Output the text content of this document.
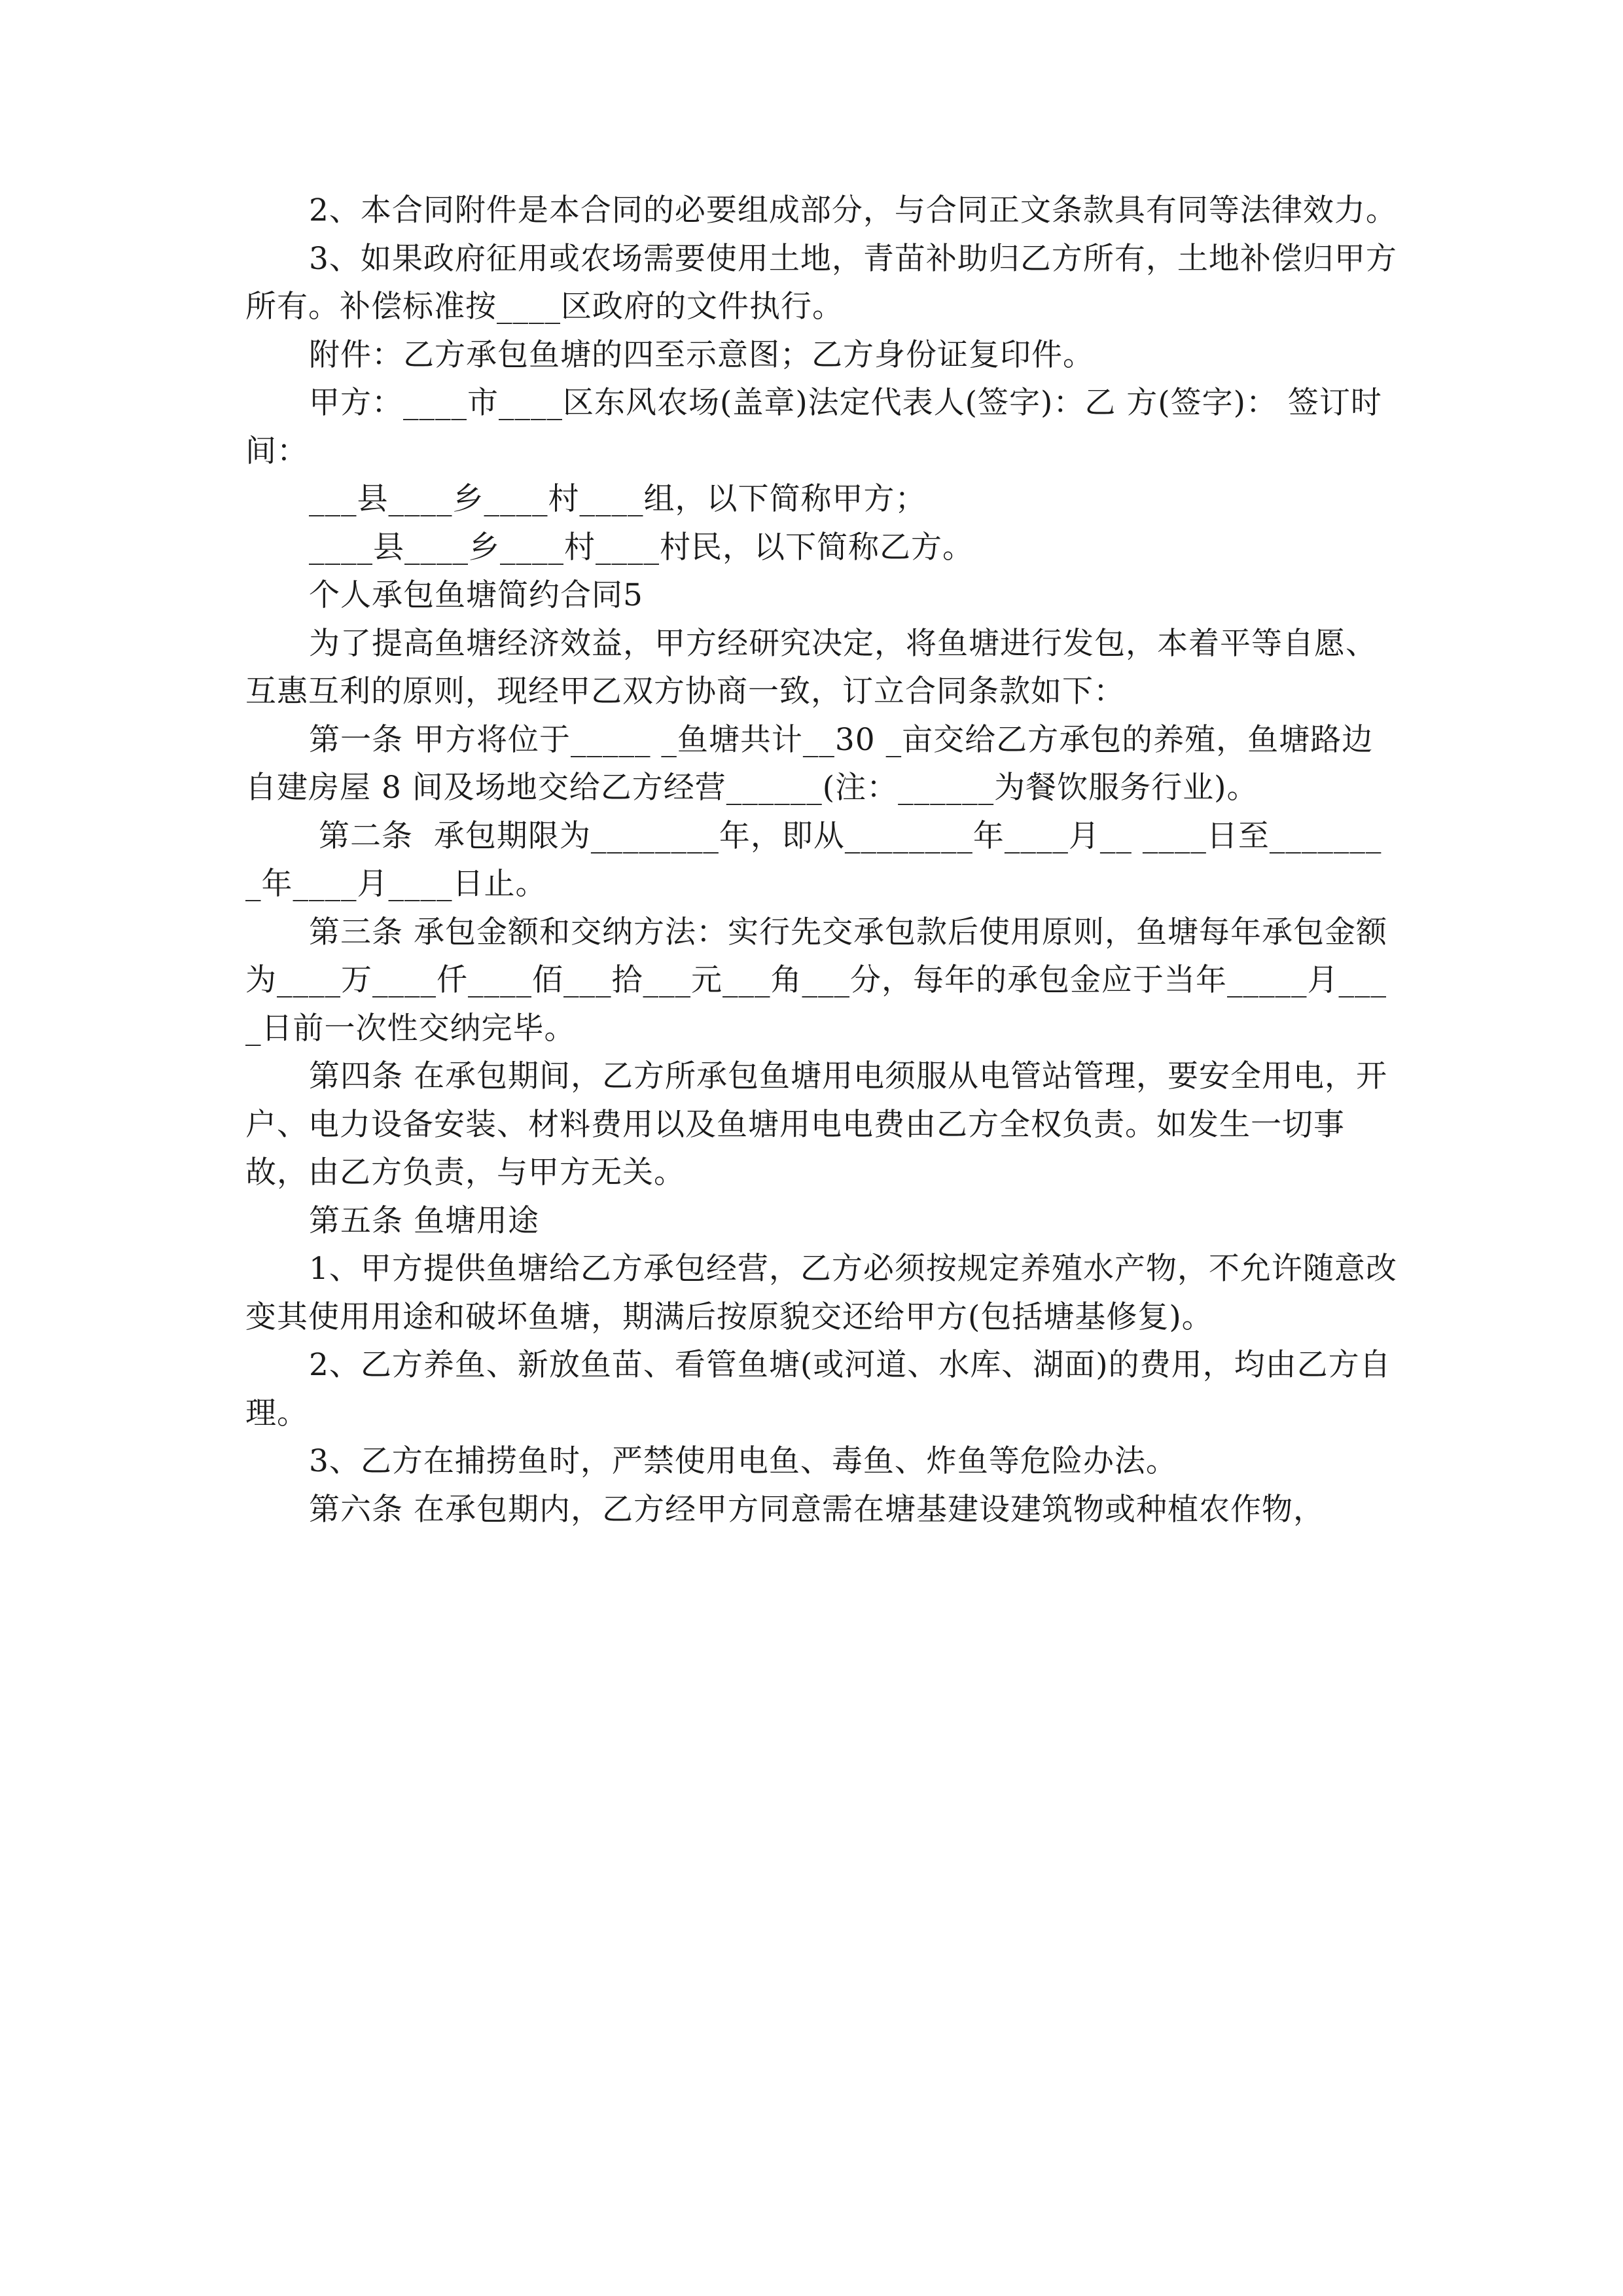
2、本合同附件是本合同的必要组成部分，与合同正文条款具有同等法律效力。

3、如果政府征用或农场需要使用土地，青苗补助归乙方所有，土地补偿归甲方所有。补偿标准按____区政府的文件执行。

附件：乙方承包鱼塘的四至示意图；乙方身份证复印件。

甲方：____市____区东风农场(盖章)法定代表人(签字)：乙 方(签字)： 签订时间：

___县____乡____村____组，以下简称甲方；

____县____乡____村____村民，以下简称乙方。

个人承包鱼塘简约合同5

为了提高鱼塘经济效益，甲方经研究决定，将鱼塘进行发包，本着平等自愿、互惠互利的原则，现经甲乙双方协商一致，订立合同条款如下：

第一条 甲方将位于_____ _鱼塘共计__30 _亩交给乙方承包的养殖，鱼塘路边自建房屋 8 间及场地交给乙方经营______(注：______为餐饮服务行业)。

第二条  承包期限为________年，即从________年____月__ ____日至________年____月____日止。

第三条 承包金额和交纳方法：实行先交承包款后使用原则，鱼塘每年承包金额为____万____仟____佰___拾___元___角___分，每年的承包金应于当年_____月____日前一次性交纳完毕。

第四条 在承包期间，乙方所承包鱼塘用电须服从电管站管理，要安全用电，开户、电力设备安装、材料费用以及鱼塘用电电费由乙方全权负责。如发生一切事故，由乙方负责，与甲方无关。

第五条 鱼塘用途

1、甲方提供鱼塘给乙方承包经营，乙方必须按规定养殖水产物，不允许随意改变其使用用途和破坏鱼塘，期满后按原貌交还给甲方(包括塘基修复)。

2、乙方养鱼、新放鱼苗、看管鱼塘(或河道、水库、湖面)的费用，均由乙方自理。

3、乙方在捕捞鱼时，严禁使用电鱼、毒鱼、炸鱼等危险办法。

第六条 在承包期内，乙方经甲方同意需在塘基建设建筑物或种植农作物，
